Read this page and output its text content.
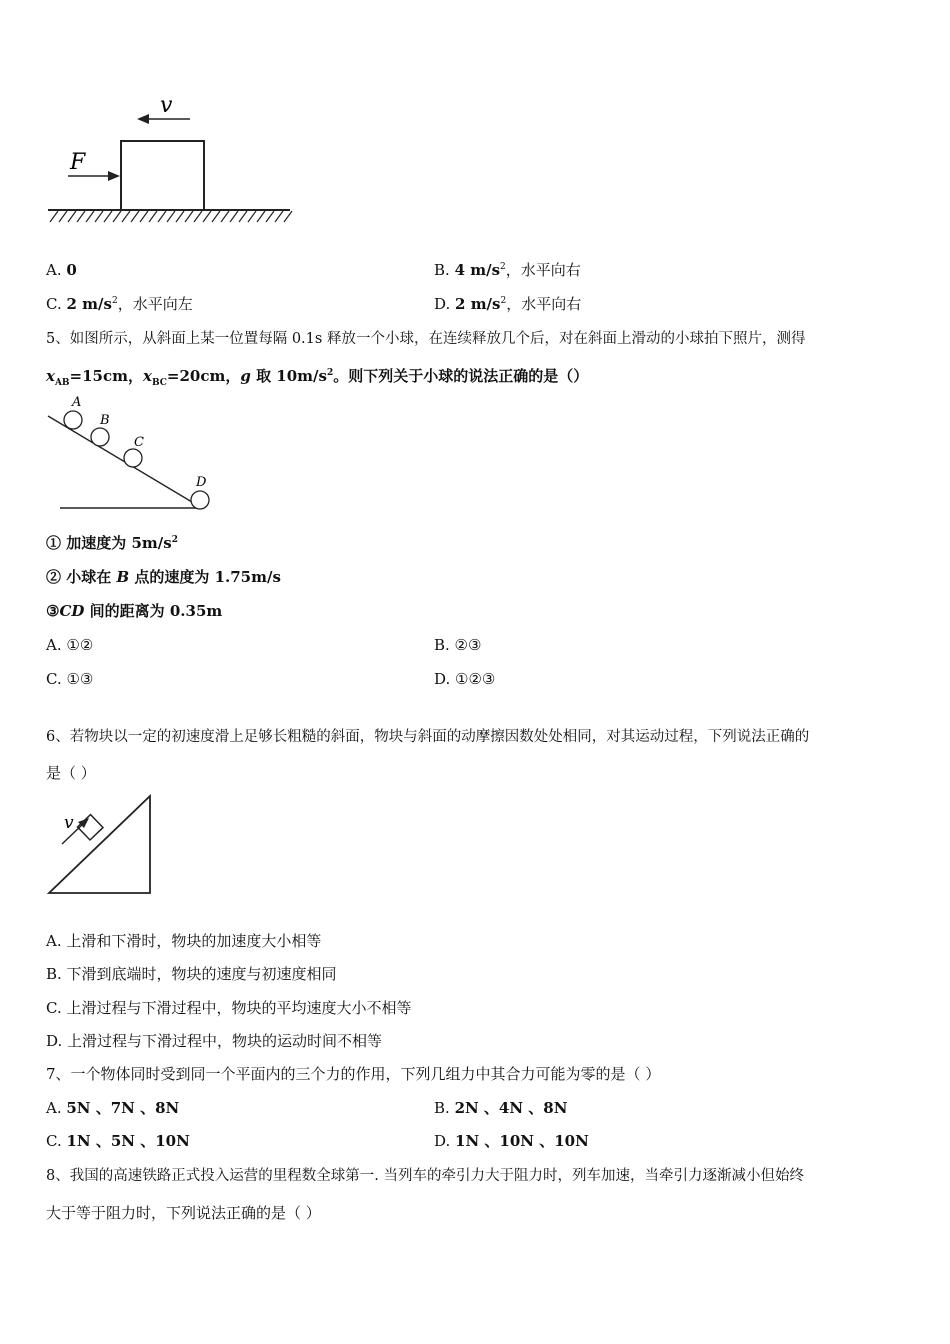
F
v
A. 0	B. 4 $m/s^2$，水平向右
C. 2 $m/s^2$，水平向左	D. 2 $m/s^2$，水平向右
5、如图所示，从斜面上某一位置每隔 0.1s 释放一个小球，在连续释放几个后，对在斜面上滑动的小球拍下照片，测得
$x_{AB}=15cm$，$x_{BC}=20cm$，g 取 $10m/s^2$。则下列关于小球的说法正确的是（）
A
B
C
D
① 加速度为 $5m/s^2$
② 小球在 B 点的速度为 1.75m/s
③CD 间的距离为 0.35m
A. ①②	B. ②③
C. ①③	D. ①②③
6、若物块以一定的初速度滑上足够长粗糙的斜面，物块与斜面的动摩擦因数处处相同，对其运动过程，下列说法正确的
是（ ）
v
A. 上滑和下滑时，物块的加速度大小相等
B. 下滑到底端时，物块的速度与初速度相同
C. 上滑过程与下滑过程中，物块的平均速度大小不相等
D. 上滑过程与下滑过程中，物块的运动时间不相等
7、一个物体同时受到同一个平面内的三个力的作用，下列几组力中其合力可能为零的是（ ）
A. 5N 、7N 、8N	B. 2N 、4N 、8N
C. 1N 、5N 、10N	D. 1N 、10N 、10N
8、我国的高速铁路正式投入运营的里程数全球第一. 当列车的牵引力大于阻力时，列车加速，当牵引力逐渐减小但始终
大于等于阻力时，下列说法正确的是（ ）
